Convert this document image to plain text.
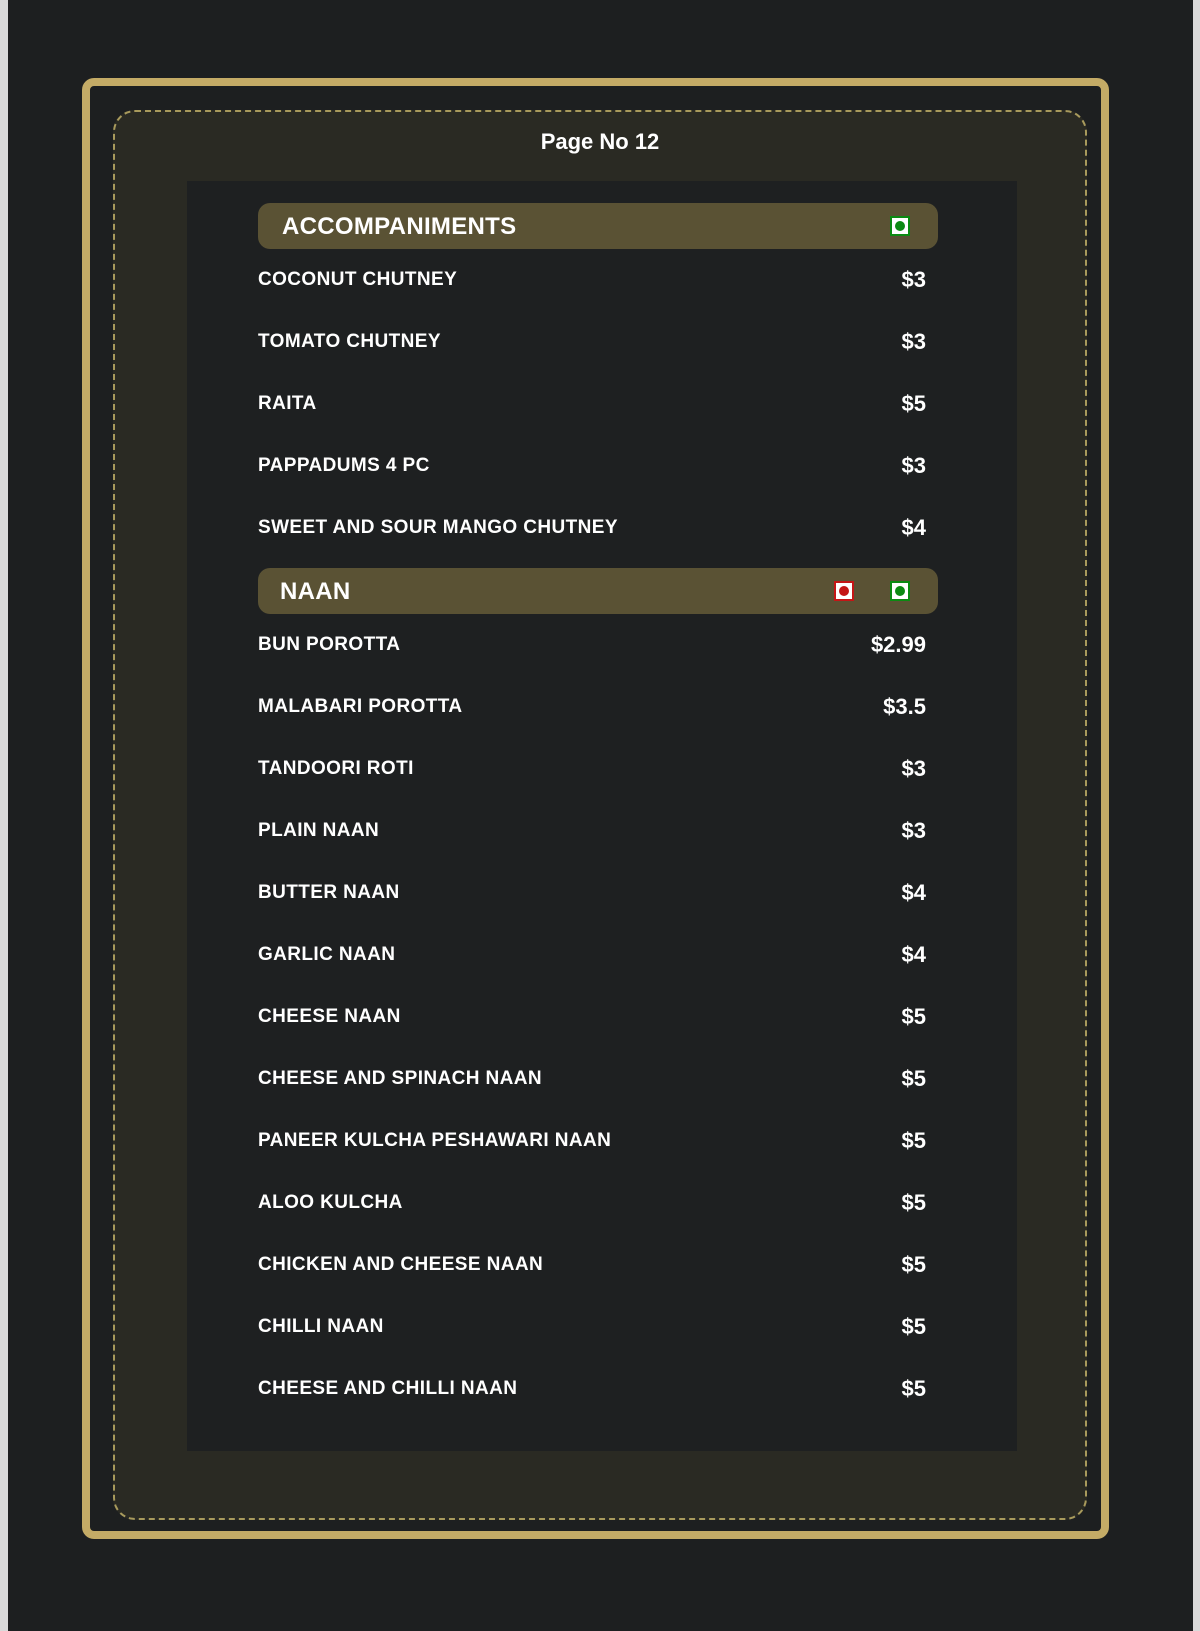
Page No 12
ACCOMPANIMENTS
COCONUT CHUTNEY	$3
TOMATO CHUTNEY	$3
RAITA	$5
PAPPADUMS 4 PC	$3
SWEET AND SOUR MANGO CHUTNEY	$4
NAAN
BUN POROTTA	$2.99
MALABARI POROTTA	$3.5
TANDOORI ROTI	$3
PLAIN NAAN	$3
BUTTER NAAN	$4
GARLIC NAAN	$4
CHEESE NAAN	$5
CHEESE AND SPINACH NAAN	$5
PANEER KULCHA PESHAWARI NAAN	$5
ALOO KULCHA	$5
CHICKEN AND CHEESE NAAN	$5
CHILLI NAAN	$5
CHEESE AND CHILLI NAAN	$5
